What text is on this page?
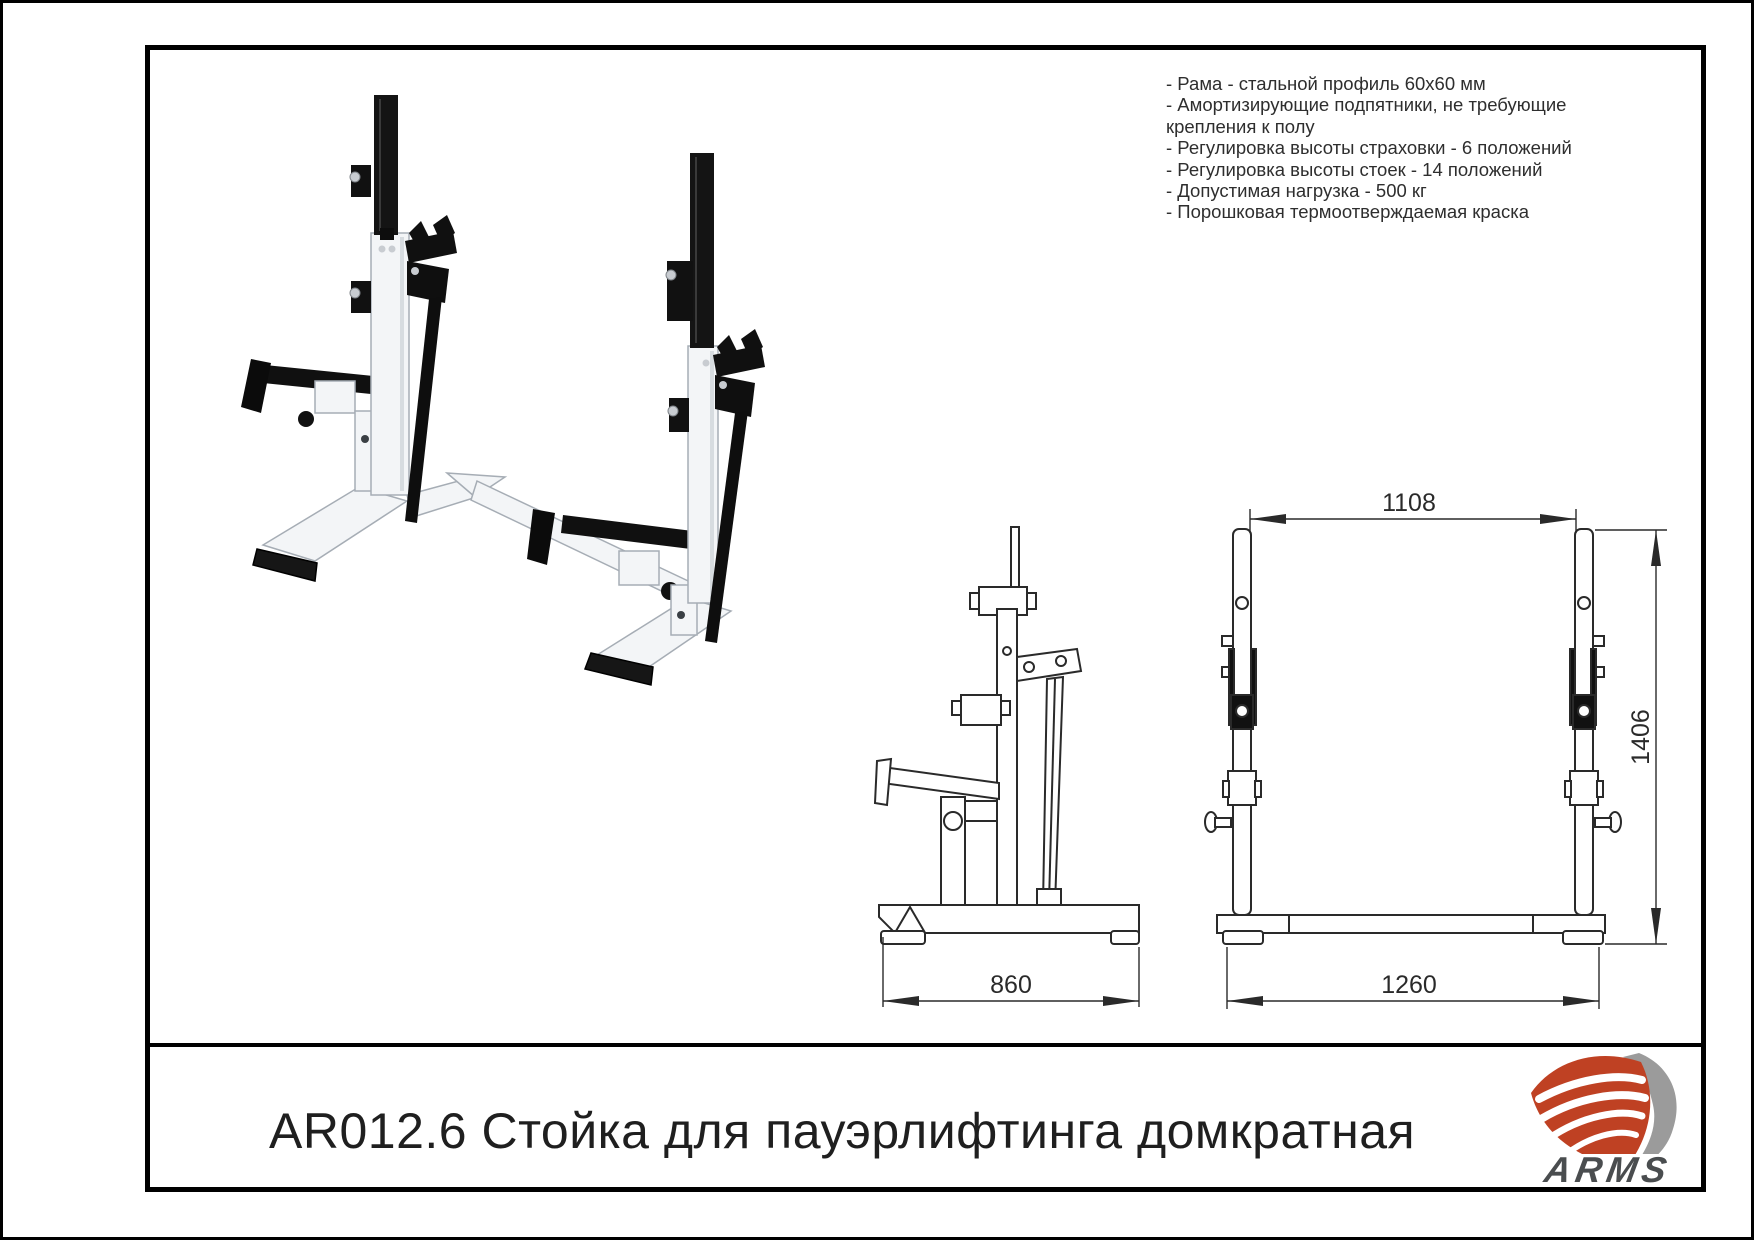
860
1108
1406
1260
- Рама - стальной профиль 60х60 мм
- Амортизирующие подпятники, не требующие
крепления к полу
- Регулировка высоты страховки - 6 положений
- Регулировка высоты стоек - 14 положений
- Допустимая нагрузка - 500 кг
- Порошковая термоотверждаемая краска
AR012.6 Стойка для пауэрлифтинга домкратная
ARMS
